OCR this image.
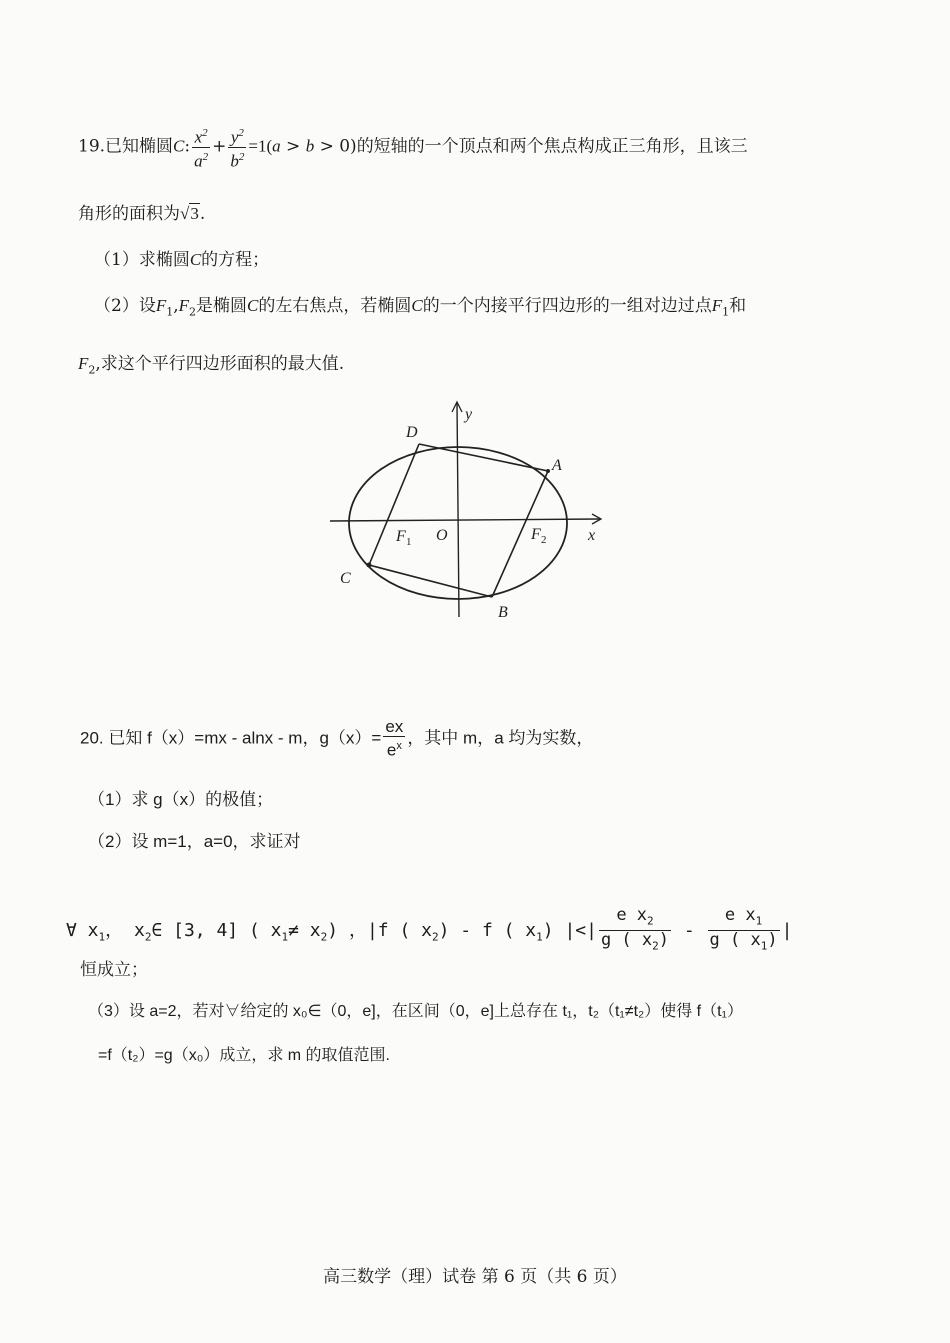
19.已知椭圆C: $\frac{x^2}{a^2} + \frac{y^2}{b^2} =1(a > b > 0)$的短轴的一个顶点和两个焦点构成正三角形，且该三
角形的面积为√3.
（1）求椭圆C的方程；
（2）设$F_1,F_2$是椭圆C的左右焦点，若椭圆C的一个内接平行四边形的一组对边过点$F_1$和
$F_2$,求这个平行四边形面积的最大值.
D
A
B
C
O
F 1	F 2	x
y
20. 已知 f（x）=mx - alnx - m，$g(x)= \frac{ex}{e^x}$ ，其中 m，a 均为实数，
（1）求 g（x）的极值；
（2）设 m=1，a=0，求证对
∀ $x_1$， $x_2\in$ [3, 4] ( $x_1\ne x_2$) ，|f ( $x_2$) - f ( $x_1$) |<| $\frac{e x_2}{g ( x_2)} - \frac{e x_1}{g ( x_1)}$ |
恒成立；
（3）设 a=2，若对∀给定的 x₀∈（0，e]，在区间（0，e]上总存在 t₁，t₂（t₁≠t₂）使得 f（t₁）
=f（t₂）=g（x₀）成立，求 m 的取值范围.
高三数学（理）试卷 第 6 页（共 6 页）
